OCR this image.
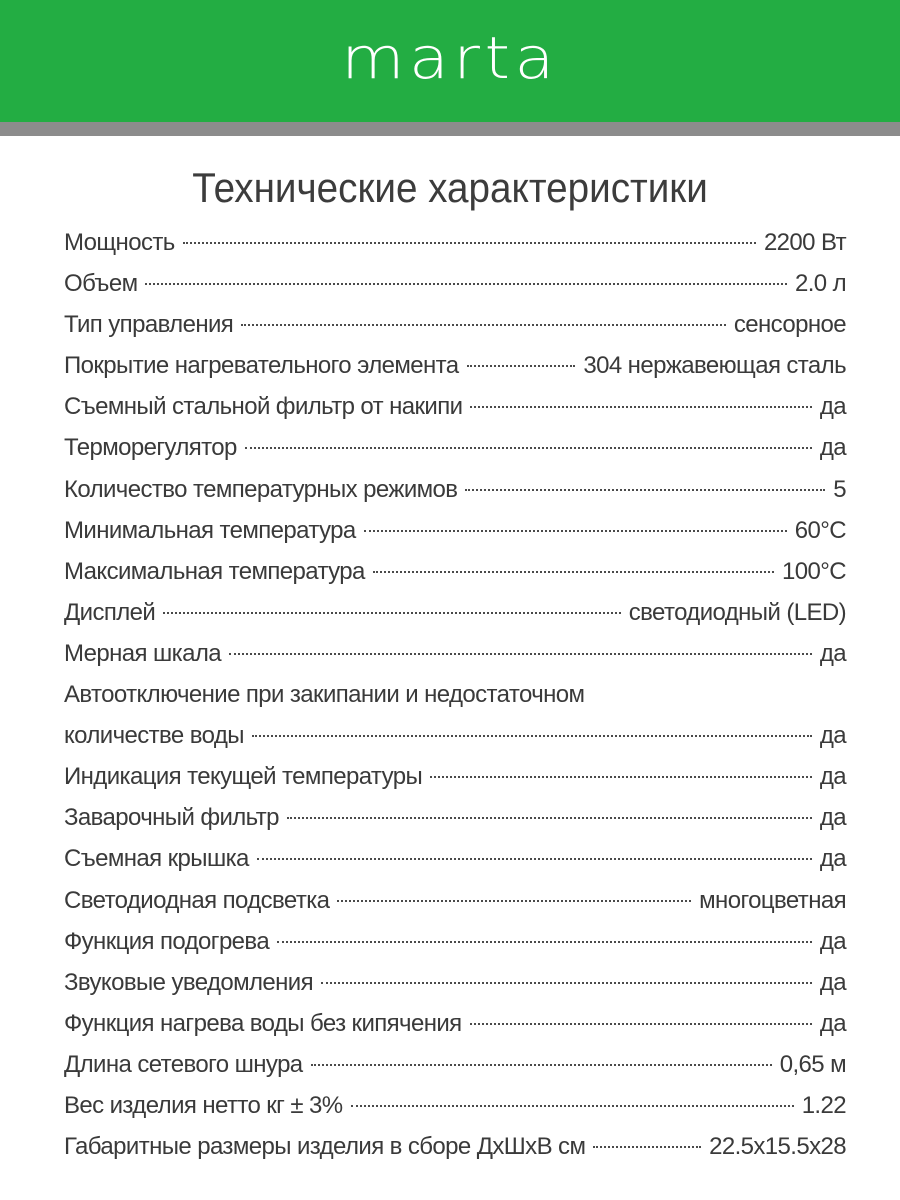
marta
Технические характеристики
Мощность	2200 Вт
Объем	2.0 л
Тип управления	сенсорное
Покрытие нагревательного элемента	304 нержавеющая сталь
Съемный стальной фильтр от накипи	да
Терморегулятор	да
Количество температурных режимов	5
Минимальная температура	60°С
Максимальная температура	100°С
Дисплей	светодиодный (LED)
Мерная шкала	да
Автоотключение при закипании и недостаточном
количестве воды	да
Индикация текущей температуры	да
Заварочный фильтр	да
Съемная крышка	да
Светодиодная подсветка	многоцветная
Функция подогрева	да
Звуковые уведомления	да
Функция нагрева воды без кипячения	да
Длина сетевого шнура	0,65 м
Вес изделия нетто кг ± 3%	1.22
Габаритные размеры изделия в сборе ДхШхВ см	22.5x15.5x28
